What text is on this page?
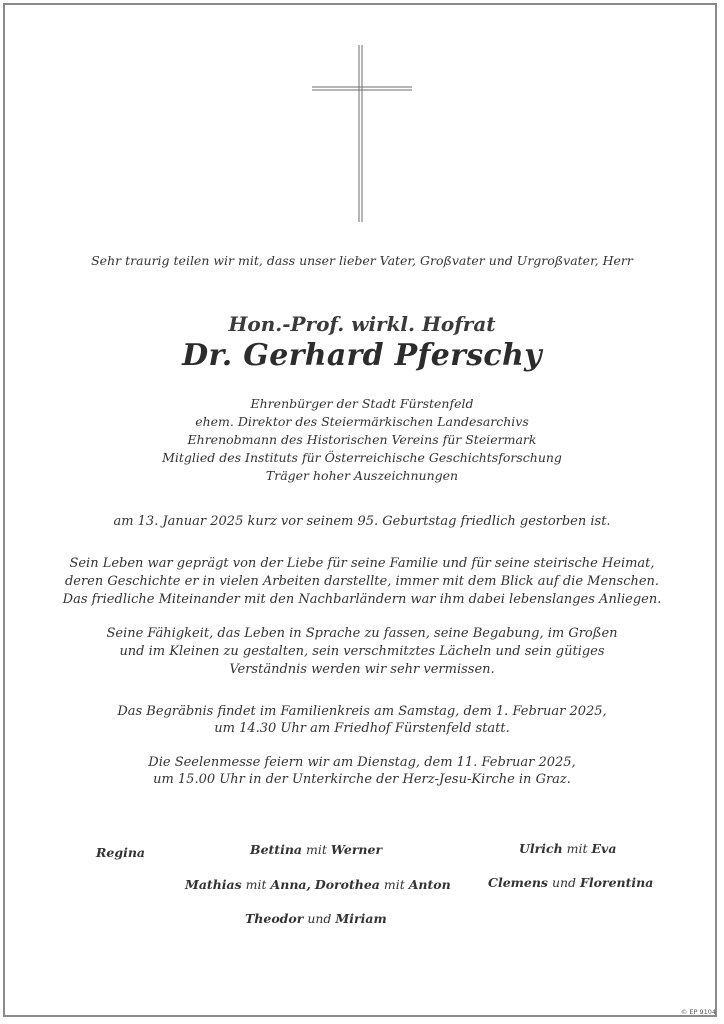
Sehr traurig teilen wir mit, dass unser lieber Vater, Großvater und Urgroßvater, Herr
Hon.-Prof. wirkl. Hofrat
Dr. Gerhard Pferschy
Ehrenbürger der Stadt Fürstenfeld
ehem. Direktor des Steiermärkischen Landesarchivs
Ehrenobmann des Historischen Vereins für Steiermark
Mitglied des Instituts für Österreichische Geschichtsforschung
Träger hoher Auszeichnungen
am 13. Januar 2025 kurz vor seinem 95. Geburtstag friedlich gestorben ist.
Sein Leben war geprägt von der Liebe für seine Familie und für seine steirische Heimat,
deren Geschichte er in vielen Arbeiten darstellte, immer mit dem Blick auf die Menschen.
Das friedliche Miteinander mit den Nachbarländern war ihm dabei lebenslanges Anliegen.
Seine Fähigkeit, das Leben in Sprache zu fassen, seine Begabung, im Großen
und im Kleinen zu gestalten, sein verschmitztes Lächeln und sein gütiges
Verständnis werden wir sehr vermissen.
Das Begräbnis findet im Familienkreis am Samstag, dem 1. Februar 2025,
um 14.30 Uhr am Friedhof Fürstenfeld statt.
Die Seelenmesse feiern wir am Dienstag, dem 11. Februar 2025,
um 15.00 Uhr in der Unterkirche der Herz-Jesu-Kirche in Graz.
Regina	Bettina mit Werner	Ulrich mit Eva
Mathias mit Anna, Dorothea mit Anton	Clemens und Florentina
Theodor und Miriam
© EP 9104
